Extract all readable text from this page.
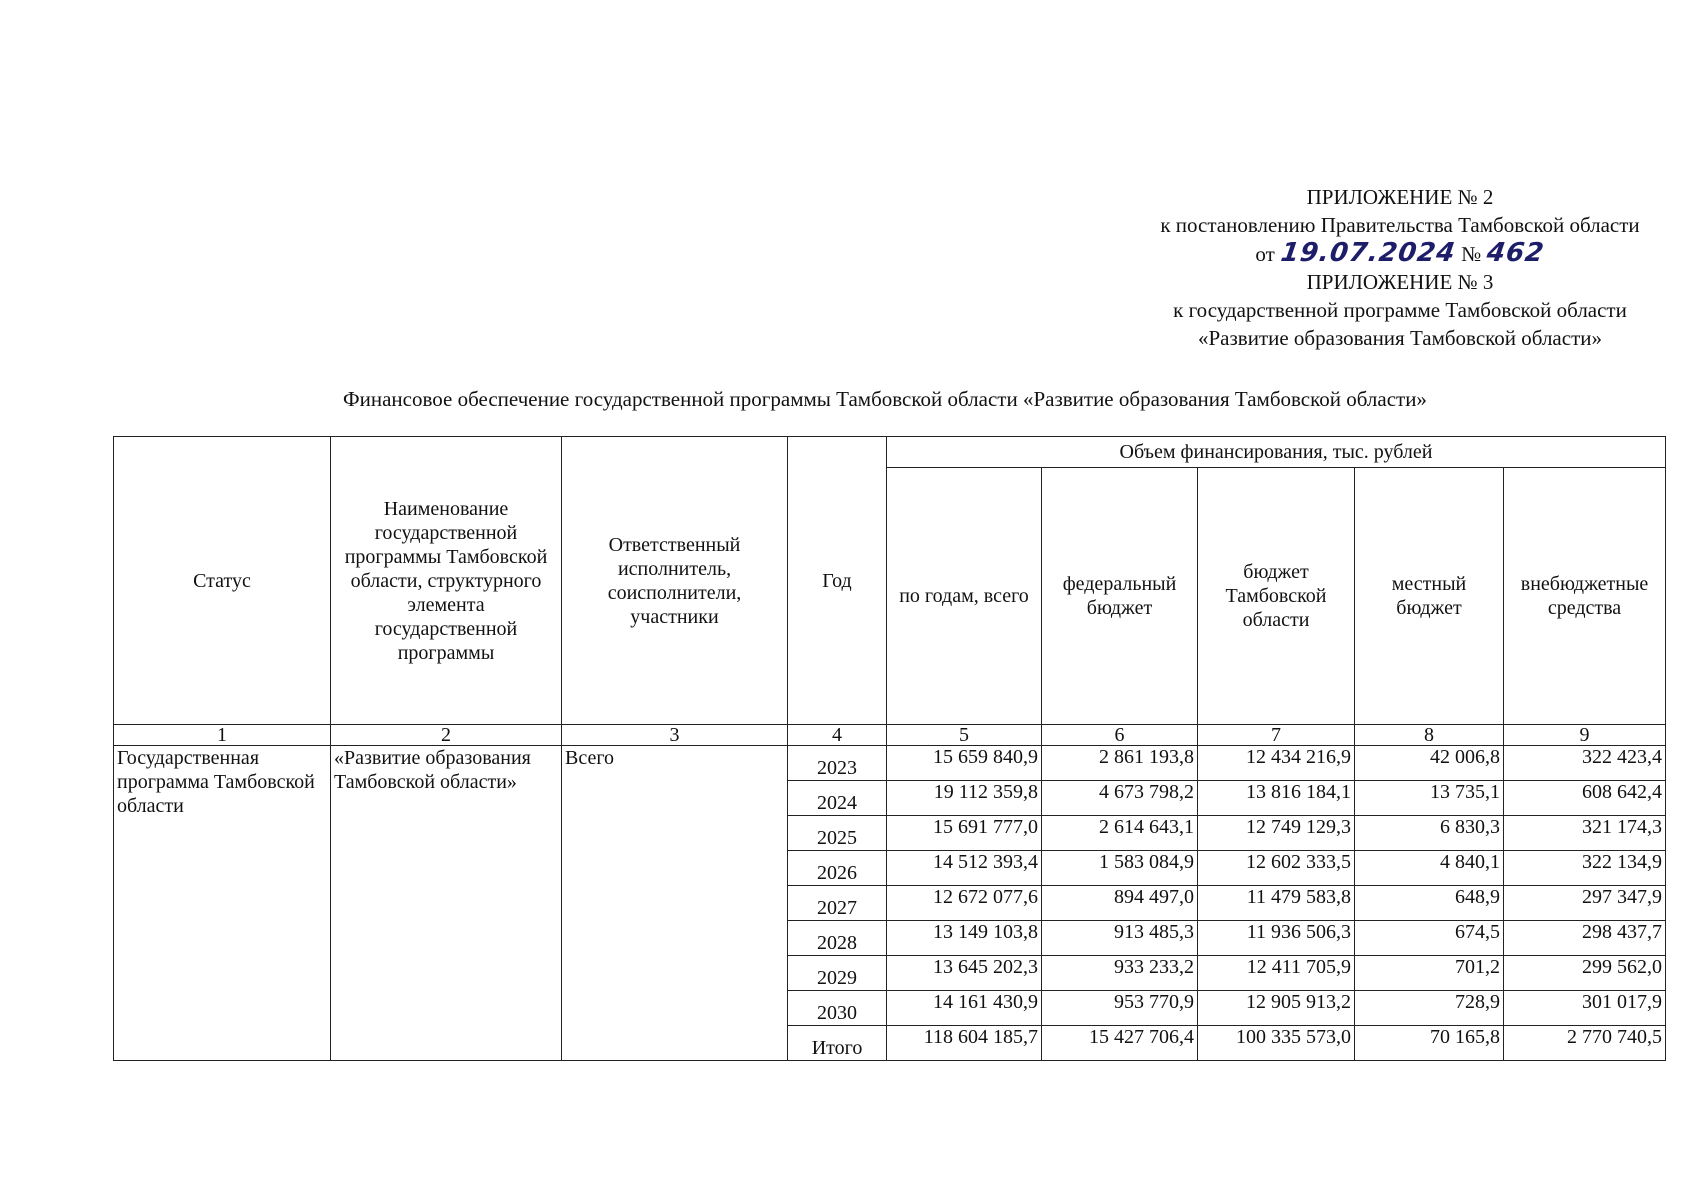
ПРИЛОЖЕНИЕ № 2
к постановлению Правительства Тамбовской области
от 19.07.2024 № 462
ПРИЛОЖЕНИЕ № 3
к государственной программе Тамбовской области
«Развитие образования Тамбовской области»
Финансовое обеспечение государственной программы Тамбовской области «Развитие образования Тамбовской области»
Статус	Наименование государственной программы Тамбовской области, структурного элемента государственной программы	Ответственный исполнитель, соисполнители, участники	Год	Объем финансирования, тыс. рублей				
				по годам, всего	федеральный бюджет	бюджет Тамбовской области	местный бюджет	внебюджетные средства
1	2	3	4	5	6	7	8	9
Государственная программа Тамбовской области	«Развитие образования Тамбовской области»	Всего	2023	15 659 840,9	2 861 193,8	12 434 216,9	42 006,8	322 423,4
			2024	19 112 359,8	4 673 798,2	13 816 184,1	13 735,1	608 642,4
			2025	15 691 777,0	2 614 643,1	12 749 129,3	6 830,3	321 174,3
			2026	14 512 393,4	1 583 084,9	12 602 333,5	4 840,1	322 134,9
			2027	12 672 077,6	894 497,0	11 479 583,8	648,9	297 347,9
			2028	13 149 103,8	913 485,3	11 936 506,3	674,5	298 437,7
			2029	13 645 202,3	933 233,2	12 411 705,9	701,2	299 562,0
			2030	14 161 430,9	953 770,9	12 905 913,2	728,9	301 017,9
			Итого	118 604 185,7	15 427 706,4	100 335 573,0	70 165,8	2 770 740,5
